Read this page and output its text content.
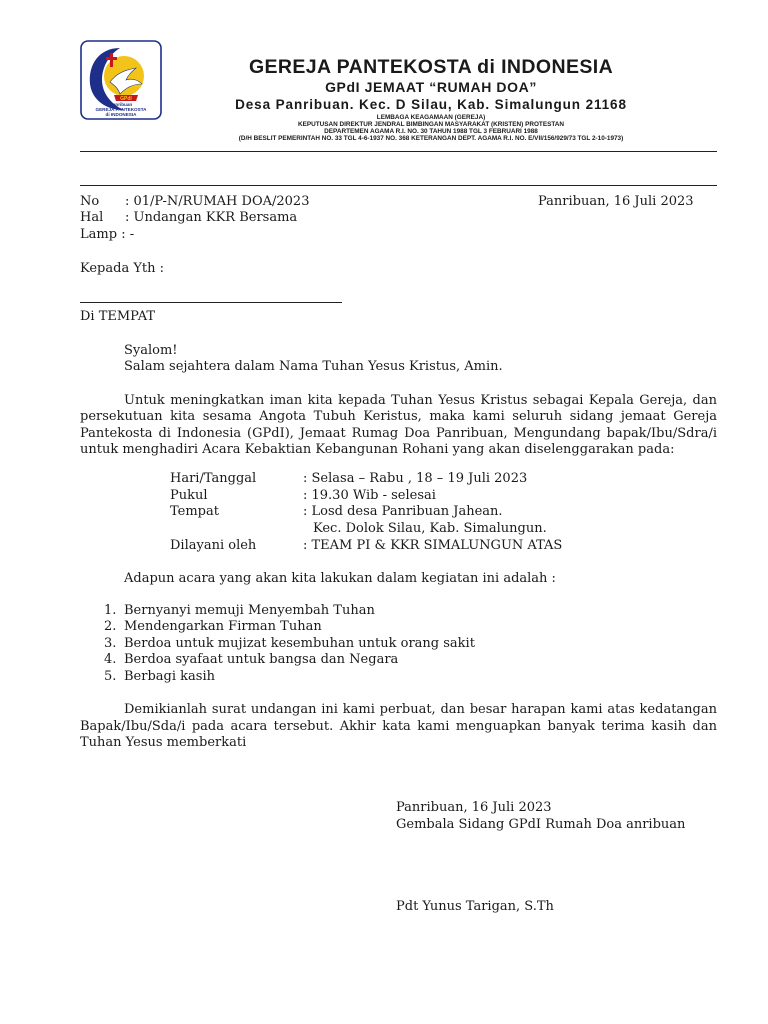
GPdI
Panribuan
GEREJA PANTEKOSTA
di INDONESIA
GEREJA PANTEKOSTA di INDONESIA
GPdI JEMAAT “RUMAH DOA”
Desa Panribuan. Kec. D Silau, Kab. Simalungun 21168
LEMBAGA KEAGAMAAN (GEREJA)
KEPUTUSAN DIREKTUR JENDRAL BIMBINGAN MASYARAKAT (KRISTEN) PROTESTAN
DEPARTEMEN AGAMA R.I. NO. 30 TAHUN 1988 TGL 3 FEBRUARI 1988
(D/H BESLIT PEMERINTAH NO. 33 TGL 4-6-1937 NO. 368 KETERANGAN DEPT. AGAMA R.I. NO. E/VII/156/929/73 TGL 2-10-1973)
No : 01/P-N/RUMAH DOA/2023
Hal : Undangan KKR Bersama
Lamp : -
Panribuan, 16 Juli 2023
Kepada Yth :
Di TEMPAT
Syalom!
Salam sejahtera dalam Nama Tuhan Yesus Kristus, Amin.
Untuk meningkatkan iman kita kepada Tuhan Yesus Kristus sebagai Kepala Gereja, dan
persekutuan kita sesama Angota Tubuh Keristus, maka kami seluruh sidang jemaat Gereja
Pantekosta di Indonesia (GPdI), Jemaat Rumag Doa Panribuan, Mengundang bapak/Ibu/Sdra/i
untuk menghadiri Acara Kebaktian Kebangunan Rohani yang akan diselenggarakan pada:
Hari/Tanggal	: Selasa – Rabu , 18 – 19 Juli 2023
Pukul	: 19.30 Wib - selesai
Tempat	: Losd desa Panribuan Jahean.
Kec. Dolok Silau, Kab. Simalungun.
Dilayani oleh	: TEAM PI & KKR SIMALUNGUN ATAS
Adapun acara yang akan kita lakukan dalam kegiatan ini adalah :
1. Bernyanyi memuji Menyembah Tuhan
2. Mendengarkan Firman Tuhan
3. Berdoa untuk mujizat kesembuhan untuk orang sakit
4. Berdoa syafaat untuk bangsa dan Negara
5. Berbagi kasih
Demikianlah surat undangan ini kami perbuat, dan besar harapan kami atas kedatangan
Bapak/Ibu/Sda/i pada acara tersebut. Akhir kata kami menguapkan banyak terima kasih dan
Tuhan Yesus memberkati
Panribuan, 16 Juli 2023
Gembala Sidang GPdI Rumah Doa anribuan
Pdt Yunus Tarigan, S.Th
